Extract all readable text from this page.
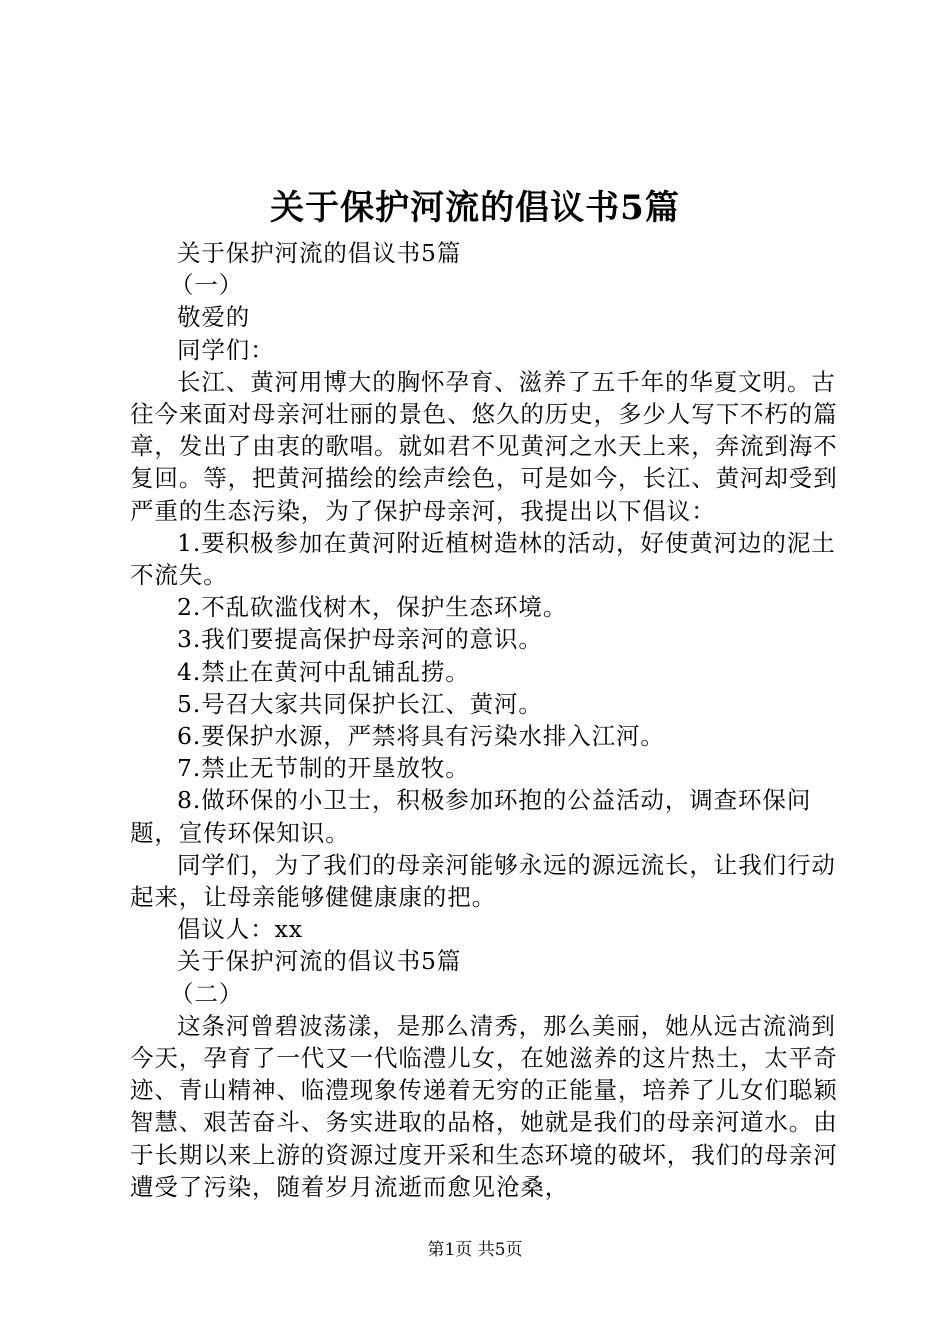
关于保护河流的倡议书5篇

关于保护河流的倡议书5篇

（一）

敬爱的

同学们：

长江、黄河用博大的胸怀孕育、滋养了五千年的华夏文明。古往今来面对母亲河壮丽的景色、悠久的历史，多少人写下不朽的篇章，发出了由衷的歌唱。就如君不见黄河之水天上来，奔流到海不复回。等，把黄河描绘的绘声绘色，可是如今，长江、黄河却受到严重的生态污染，为了保护母亲河，我提出以下倡议：

1.要积极参加在黄河附近植树造林的活动，好使黄河边的泥土不流失。

2.不乱砍滥伐树木，保护生态环境。

3.我们要提高保护母亲河的意识。

4.禁止在黄河中乱铺乱捞。

5.号召大家共同保护长江、黄河。

6.要保护水源，严禁将具有污染水排入江河。

7.禁止无节制的开垦放牧。

8.做环保的小卫士，积极参加环抱的公益活动，调查环保问题，宣传环保知识。

同学们，为了我们的母亲河能够永远的源远流长，让我们行动起来，让母亲能够健健康康的把。

倡议人：xx

关于保护河流的倡议书5篇

（二）

这条河曾碧波荡漾，是那么清秀，那么美丽，她从远古流淌到今天，孕育了一代又一代临澧儿女，在她滋养的这片热土，太平奇迹、青山精神、临澧现象传递着无穷的正能量，培养了儿女们聪颖智慧、艰苦奋斗、务实进取的品格，她就是我们的母亲河道水。由于长期以来上游的资源过度开采和生态环境的破坏，我们的母亲河遭受了污染，随着岁月流逝而愈见沧桑，

第1页 共5页
